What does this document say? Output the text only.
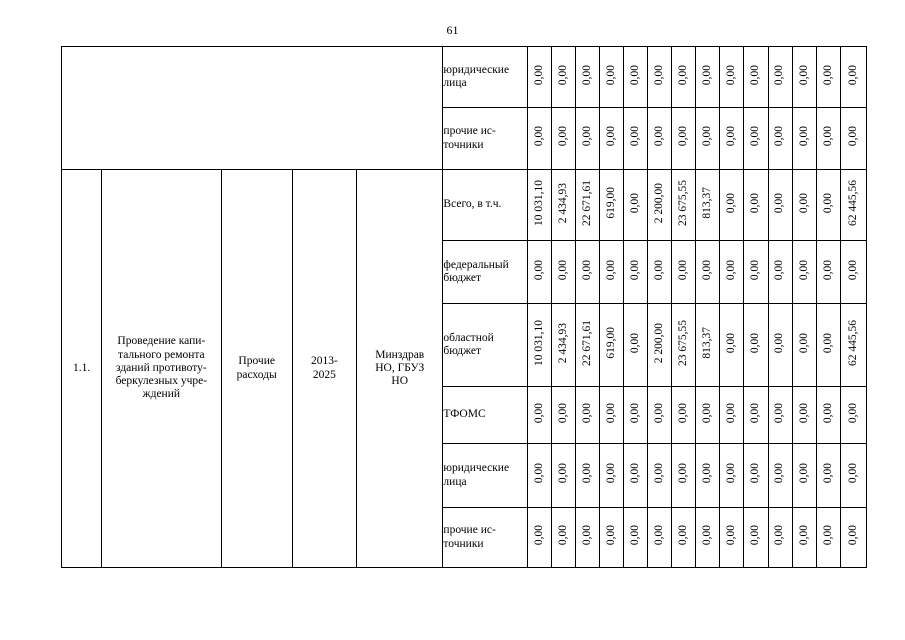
61
					юридические
лица	0,00	0,00	0,00	0,00	0,00	0,00	0,00	0,00	0,00	0,00	0,00	0,00	0,00	0,00
					прочие ис-
точники	0,00	0,00	0,00	0,00	0,00	0,00	0,00	0,00	0,00	0,00	0,00	0,00	0,00	0,00
1.1.	Проведение капи-
тального ремонта
зданий противоту-
беркулезных учре-
ждений	Прочие
расходы	2013-
2025	Минздрав
НО, ГБУЗ
НО	Всего, в т.ч.	10 031,10	2 434,93	22 671,61	619,00	0,00	2 200,00	23 675,55	813,37	0,00	0,00	0,00	0,00	0,00	62 445,56
					федеральный
бюджет	0,00	0,00	0,00	0,00	0,00	0,00	0,00	0,00	0,00	0,00	0,00	0,00	0,00	0,00
					областной
бюджет	10 031,10	2 434,93	22 671,61	619,00	0,00	2 200,00	23 675,55	813,37	0,00	0,00	0,00	0,00	0,00	62 445,56
					ТФОМС	0,00	0,00	0,00	0,00	0,00	0,00	0,00	0,00	0,00	0,00	0,00	0,00	0,00	0,00
					юридические
лица	0,00	0,00	0,00	0,00	0,00	0,00	0,00	0,00	0,00	0,00	0,00	0,00	0,00	0,00
					прочие ис-
точники	0,00	0,00	0,00	0,00	0,00	0,00	0,00	0,00	0,00	0,00	0,00	0,00	0,00	0,00
